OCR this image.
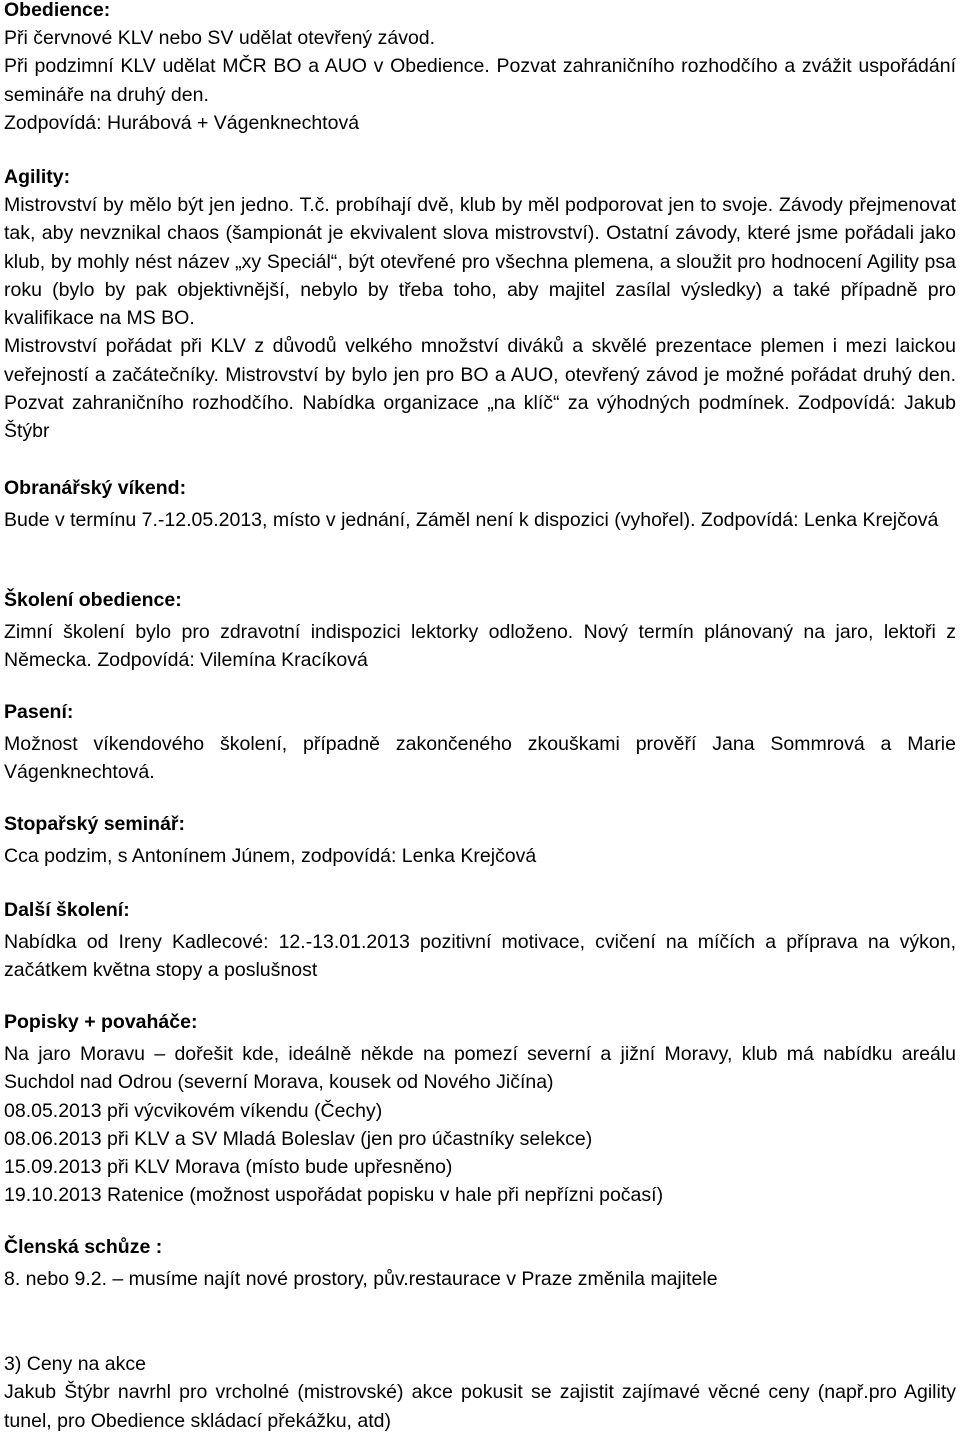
Obedience:

Při červnové KLV nebo SV udělat otevřený závod.
Při podzimní KLV udělat MČR BO a AUO v Obedience. Pozvat zahraničního rozhodčího a zvážit uspořádání semináře na druhý den.
Zodpovídá: Hurábová + Vágenknechtová

Agility:

Mistrovství by mělo být jen jedno. T.č. probíhají dvě, klub by měl podporovat jen to svoje. Závody přejmenovat tak, aby nevznikal chaos (šampionát je ekvivalent slova mistrovství). Ostatní závody, které jsme pořádali jako klub, by mohly nést název „xy Speciál“, být otevřené pro všechna plemena, a sloužit pro hodnocení Agility psa roku (bylo by pak objektivnější, nebylo by třeba toho, aby majitel zasílal výsledky) a také případně pro kvalifikace na MS BO.

Mistrovství pořádat při KLV z důvodů velkého množství diváků a skvělé prezentace plemen i mezi laickou veřejností a začátečníky. Mistrovství by bylo jen pro BO a AUO, otevřený závod je možné pořádat druhý den. Pozvat zahraničního rozhodčího. Nabídka organizace „na klíč“ za výhodných podmínek. Zodpovídá: Jakub Štýbr

Obranářský víkend:

Bude v termínu 7.-12.05.2013, místo v jednání, Záměl není k dispozici (vyhořel). Zodpovídá: Lenka Krejčová

Školení obedience:

Zimní školení bylo pro zdravotní indispozici lektorky odloženo. Nový termín plánovaný na jaro, lektoři z Německa. Zodpovídá: Vilemína Kracíková

Pasení:

Možnost víkendového školení, případně zakončeného zkouškami prověří Jana Sommrová a Marie Vágenknechtová.

Stopařský seminář:

Cca podzim, s Antonínem Júnem, zodpovídá: Lenka Krejčová

Další školení:

Nabídka od Ireny Kadlecové: 12.-13.01.2013 pozitivní motivace, cvičení na míčích a příprava na výkon, začátkem května stopy a poslušnost

Popisky + povaháče:

Na jaro Moravu – dořešit kde, ideálně někde na pomezí severní a jižní Moravy, klub má nabídku areálu Suchdol nad Odrou (severní Morava, kousek od Nového Jičína)

08.05.2013 při výcvikovém víkendu (Čechy)
08.06.2013 při KLV a SV Mladá Boleslav (jen pro účastníky selekce)
15.09.2013 při KLV Morava (místo bude upřesněno)
19.10.2013 Ratenice (možnost uspořádat popisku v hale při nepřízni počasí)

Členská schůze :

8. nebo 9.2. – musíme najít nové prostory, pův.restaurace v Praze změnila majitele

3) Ceny na akce

Jakub Štýbr navrhl pro vrcholné (mistrovské) akce pokusit se zajistit zajímavé věcné ceny (např.pro Agility tunel, pro Obedience skládací překážku, atd)
